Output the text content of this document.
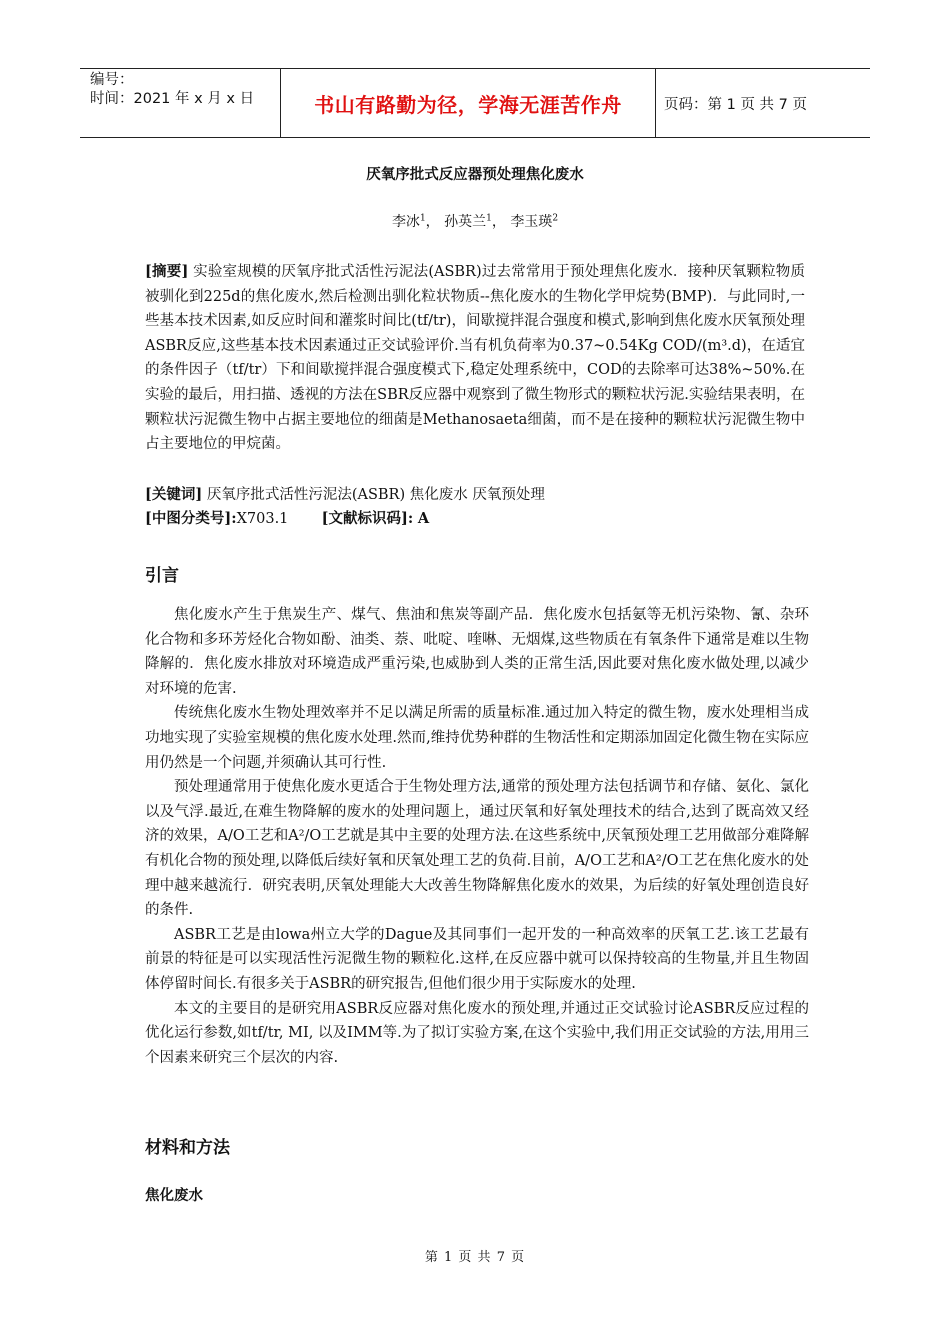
编号：
时间：2021 年 x 月 x 日	书山有路勤为径，学海无涯苦作舟	页码：第 1 页 共 7 页
厌氧序批式反应器预处理焦化废水
李冰$^1$， 孙英兰$^1$， 李玉瑛$^2$
[摘要] 实验室规模的厌氧序批式活性污泥法(ASBR)过去常常用于预处理焦化废水．接种厌氧颗粒物质被驯化到225d的焦化废水,然后检测出驯化粒状物质--焦化废水的生物化学甲烷势(BMP)．与此同时,一些基本技术因素,如反应时间和灌浆时间比(tf/tr)，间歇搅拌混合强度和模式,影响到焦化废水厌氧预处理ASBR反应,这些基本技术因素通过正交试验评价.当有机负荷率为0.37~0.54Kg COD/(m³.d)，在适宜的条件因子（tf/tr）下和间歇搅拌混合强度模式下,稳定处理系统中，COD的去除率可达38%~50%.在实验的最后，用扫描、透视的方法在SBR反应器中观察到了微生物形式的颗粒状污泥.实验结果表明，在颗粒状污泥微生物中占据主要地位的细菌是Methanosaeta细菌，而不是在接种的颗粒状污泥微生物中占主要地位的甲烷菌。
[关键词] 厌氧序批式活性污泥法(ASBR) 焦化废水 厌氧预处理
[中图分类号]:X703.1 [文献标识码]: A
引言

焦化废水产生于焦炭生产、煤气、焦油和焦炭等副产品．焦化废水包括氨等无机污染物、氰、杂环化合物和多环芳烃化合物如酚、油类、萘、吡啶、喹啉、无烟煤,这些物质在有氧条件下通常是难以生物降解的．焦化废水排放对环境造成严重污染,也威胁到人类的正常生活,因此要对焦化废水做处理,以减少对环境的危害.

传统焦化废水生物处理效率并不足以满足所需的质量标准.通过加入特定的微生物，废水处理相当成功地实现了实验室规模的焦化废水处理.然而,维持优势种群的生物活性和定期添加固定化微生物在实际应用仍然是一个问题,并须确认其可行性.

预处理通常用于使焦化废水更适合于生物处理方法,通常的预处理方法包括调节和存储、氨化、氯化以及气浮.最近,在难生物降解的废水的处理问题上，通过厌氧和好氧处理技术的结合,达到了既高效又经济的效果，A/O工艺和A²/O工艺就是其中主要的处理方法.在这些系统中,厌氧预处理工艺用做部分难降解有机化合物的预处理,以降低后续好氧和厌氧处理工艺的负荷.目前，A/O工艺和A²/O工艺在焦化废水的处理中越来越流行．研究表明,厌氧处理能大大改善生物降解焦化废水的效果，为后续的好氧处理创造良好的条件.

ASBR工艺是由lowa州立大学的Dague及其同事们一起开发的一种高效率的厌氧工艺.该工艺最有前景的特征是可以实现活性污泥微生物的颗粒化.这样,在反应器中就可以保持较高的生物量,并且生物固体停留时间长.有很多关于ASBR的研究报告,但他们很少用于实际废水的处理.

本文的主要目的是研究用ASBR反应器对焦化废水的预处理,并通过正交试验讨论ASBR反应过程的优化运行参数,如tf/tr, MI, 以及IMM等.为了拟订实验方案,在这个实验中,我们用正交试验的方法,用用三个因素来研究三个层次的内容.

材料和方法
焦化废水
第 1 页 共 7 页
